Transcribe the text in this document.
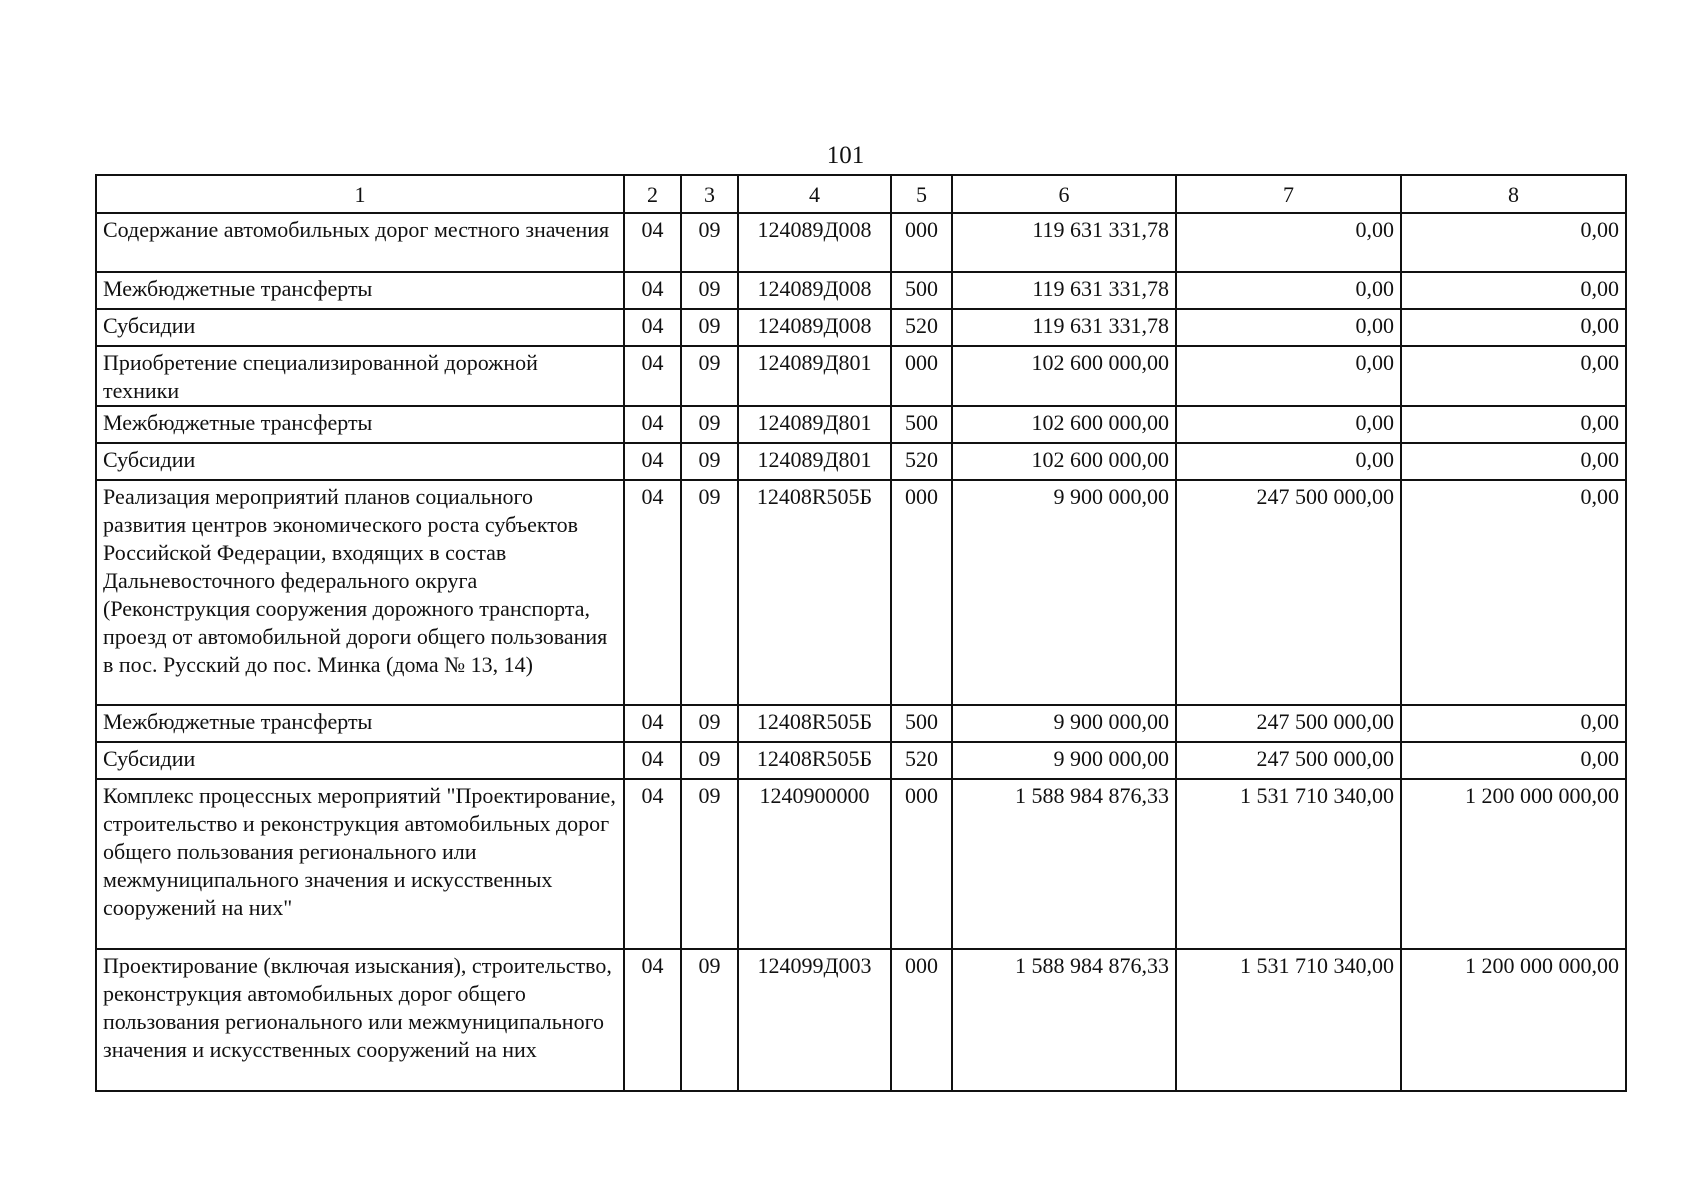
101
1	2	3	4	5	6	7	8
Содержание автомобильных дорог местного значения	04	09	124089Д008	000	119 631 331,78	0,00	0,00
Межбюджетные трансферты	04	09	124089Д008	500	119 631 331,78	0,00	0,00
Субсидии	04	09	124089Д008	520	119 631 331,78	0,00	0,00
Приобретение специализированной дорожной техники	04	09	124089Д801	000	102 600 000,00	0,00	0,00
Межбюджетные трансферты	04	09	124089Д801	500	102 600 000,00	0,00	0,00
Субсидии	04	09	124089Д801	520	102 600 000,00	0,00	0,00
Реализация мероприятий планов социального развития центров экономического роста субъектов Российской Федерации, входящих в состав Дальневосточного федерального округа (Реконструкция сооружения дорожного транспорта, проезд от автомобильной дороги общего пользования в пос. Русский до пос. Минка (дома № 13, 14)	04	09	12408R505Б	000	9 900 000,00	247 500 000,00	0,00
Межбюджетные трансферты	04	09	12408R505Б	500	9 900 000,00	247 500 000,00	0,00
Субсидии	04	09	12408R505Б	520	9 900 000,00	247 500 000,00	0,00
Комплекс процессных мероприятий "Проектирование, строительство и реконструкция автомобильных дорог общего пользования регионального или межмуниципального значения и искусственных сооружений на них"	04	09	1240900000	000	1 588 984 876,33	1 531 710 340,00	1 200 000 000,00
Проектирование (включая изыскания), строительство, реконструкция автомобильных дорог общего пользования регионального или межмуниципального значения и искусственных сооружений на них	04	09	124099Д003	000	1 588 984 876,33	1 531 710 340,00	1 200 000 000,00
